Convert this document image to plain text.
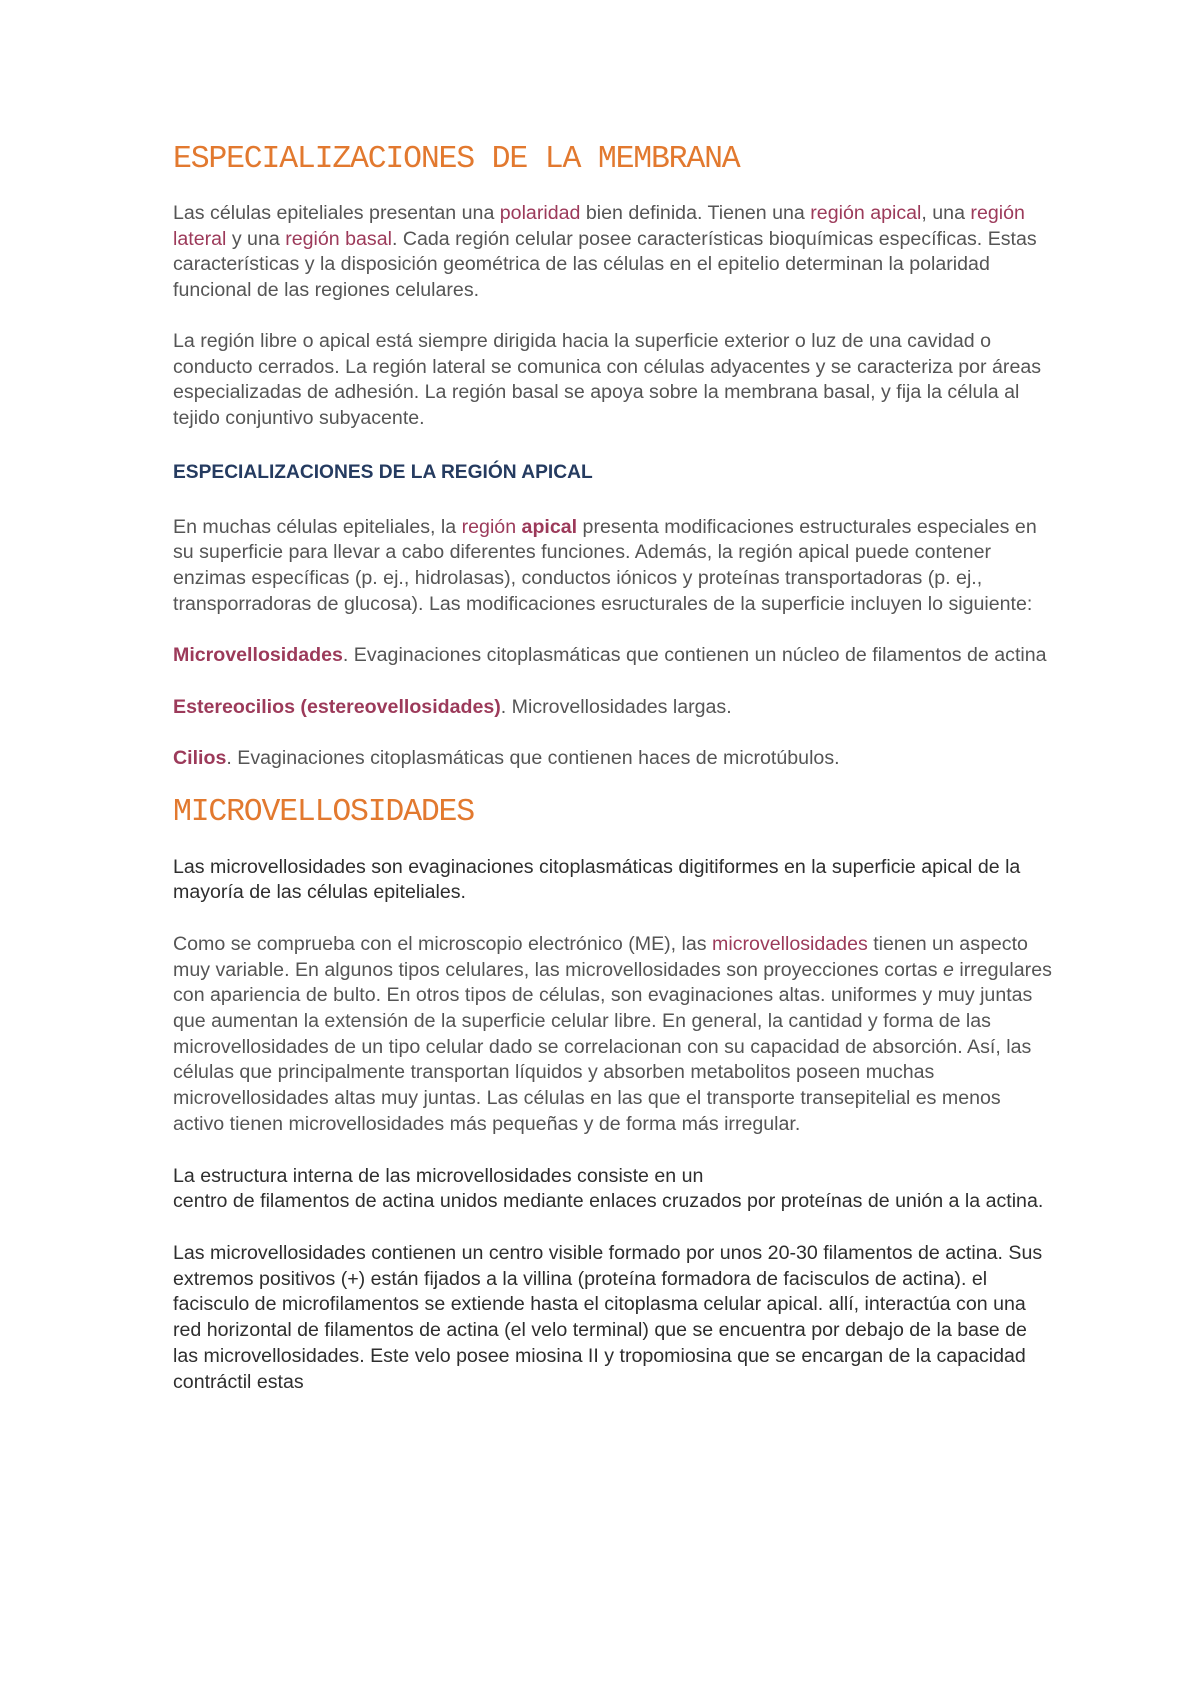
ESPECIALIZACIONES DE LA MEMBRANA

Las células epiteliales presentan una polaridad bien definida. Tienen una región apical, una región lateral y una región basal. Cada región celular posee características bioquímicas específicas. Estas características y la disposición geométrica de las células en el epitelio determinan la polaridad funcional de las regiones celulares.

La región libre o apical está siempre dirigida hacia la superficie exterior o luz de una cavidad o conducto cerrados. La región lateral se comunica con células adyacentes y se caracteriza por áreas especializadas de adhesión. La región basal se apoya sobre la membrana basal, y fija la célula al tejido conjuntivo subyacente.

ESPECIALIZACIONES DE LA REGIÓN APICAL

En muchas células epiteliales, la región apical presenta modificaciones estructurales especiales en su superficie para llevar a cabo diferentes funciones. Además, la región apical puede contener enzimas específicas (p. ej., hidrolasas), conductos iónicos y proteínas transportadoras (p. ej., transporradoras de glucosa). Las modificaciones esructurales de la superficie incluyen lo siguiente:

Microvellosidades. Evaginaciones citoplasmáticas que contienen un núcleo de filamentos de actina

Estereocilios (estereovellosidades). Microvellosidades largas.

Cilios. Evaginaciones citoplasmáticas que contienen haces de microtúbulos.

MICROVELLOSIDADES

Las microvellosidades son evaginaciones citoplasmáticas digitiformes en la superficie apical de la mayoría de las células epiteliales.

Como se comprueba con el microscopio electrónico (ME), las microvellosidades tienen un aspecto muy variable. En algunos tipos celulares, las microvellosidades son proyecciones cortas e irregulares con apariencia de bulto. En otros tipos de células, son evaginaciones altas. uniformes y muy juntas que aumentan la extensión de la superficie celular libre. En general, la cantidad y forma de las microvellosidades de un tipo celular dado se correlacionan con su capacidad de absorción. Así, las células que principalmente transportan líquidos y absorben metabolitos poseen muchas microvellosidades altas muy juntas. Las células en las que el transporte transepitelial es menos activo tienen microvellosidades más pequeñas y de forma más irregular.

La estructura interna de las microvellosidades consiste en un
centro de filamentos de actina unidos mediante enlaces cruzados por proteínas de unión a la actina.

Las microvellosidades contienen un centro visible formado por unos 20-30 filamentos de actina. Sus extremos positivos (+) están fijados a la villina (proteína formadora de facisculos de actina). el facisculo de microfilamentos se extiende hasta el citoplasma celular apical. allí, interactúa con una red horizontal de filamentos de actina (el velo terminal) que se encuentra por debajo de la base de las microvellosidades. Este velo posee miosina II y tropomiosina que se encargan de la capacidad contráctil estas
